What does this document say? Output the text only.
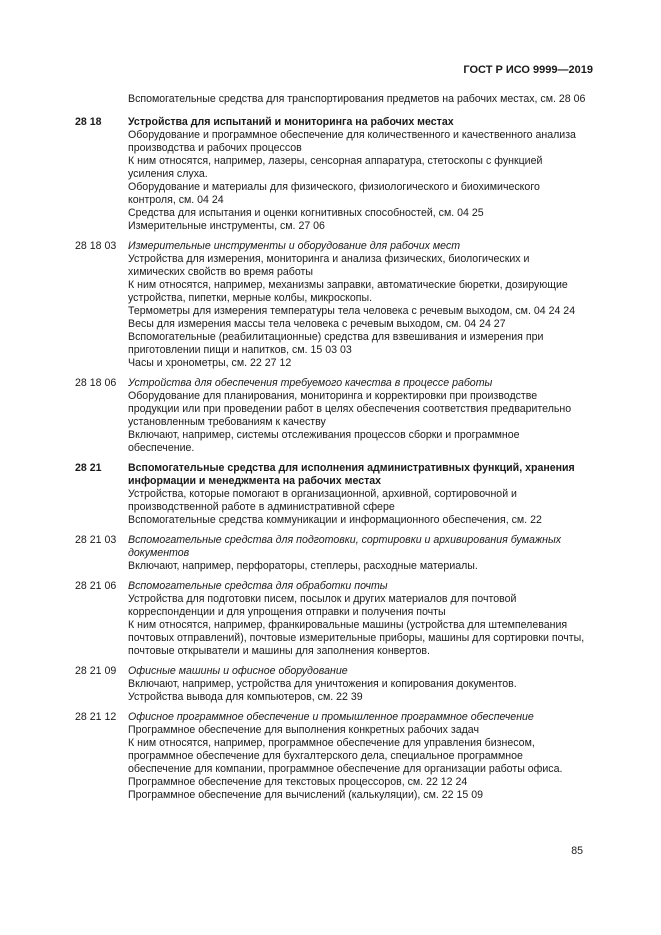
ГОСТ Р ИСО 9999—2019

Вспомогательные средства для транспортирования предметов на рабочих местах, см. 28 06

28 18	Устройства для испытаний и мониторинга на рабочих местах

Оборудование и программное обеспечение для количественного и качественного анализа производства и рабочих процессов

К ним относятся, например, лазеры, сенсорная аппаратура, стетоскопы с функцией усиления слуха.

Оборудование и материалы для физического, физиологического и биохимического контроля, см. 04 24

Средства для испытания и оценки когнитивных способностей, см. 04 25

Измерительные инструменты, см. 27 06

28 18 03	Измерительные инструменты и оборудование для рабочих мест

Устройства для измерения, мониторинга и анализа физических, биологических и химических свойств во время работы

К ним относятся, например, механизмы заправки, автоматические бюретки, дозирующие устройства, пипетки, мерные колбы, микроскопы.

Термометры для измерения температуры тела человека с речевым выходом, см. 04 24 24

Весы для измерения массы тела человека с речевым выходом, см. 04 24 27

Вспомогательные (реабилитационные) средства для взвешивания и измерения при приготовлении пищи и напитков, см. 15 03 03

Часы и хронометры, см. 22 27 12

28 18 06	Устройства для обеспечения требуемого качества в процессе работы

Оборудование для планирования, мониторинга и корректировки при производстве продукции или при проведении работ в целях обеспечения соответствия предварительно установленным требованиям к качеству

Включают, например, системы отслеживания процессов сборки и программное обеспечение.

28 21	Вспомогательные средства для исполнения административных функций, хранения информации и менеджмента на рабочих местах

Устройства, которые помогают в организационной, архивной, сортировочной и производственной работе в административной сфере

Вспомогательные средства коммуникации и информационного обеспечения, см. 22

28 21 03	Вспомогательные средства для подготовки, сортировки и архивирования бумажных документов

Включают, например, перфораторы, степлеры, расходные материалы.

28 21 06	Вспомогательные средства для обработки почты

Устройства для подготовки писем, посылок и других материалов для почтовой корреспонденции и для упрощения отправки и получения почты

К ним относятся, например, франкировальные машины (устройства для штемпелевания почтовых отправлений), почтовые измерительные приборы, машины для сортировки почты, почтовые открыватели и машины для заполнения конвертов.

28 21 09	Офисные машины и офисное оборудование

Включают, например, устройства для уничтожения и копирования документов.

Устройства вывода для компьютеров, см. 22 39

28 21 12	Офисное программное обеспечение и промышленное программное обеспечение

Программное обеспечение для выполнения конкретных рабочих задач

К ним относятся, например, программное обеспечение для управления бизнесом, программное обеспечение для бухгалтерского дела, специальное программное обеспечение для компании, программное обеспечение для организации работы офиса.

Программное обеспечение для текстовых процессоров, см. 22 12 24

Программное обеспечение для вычислений (калькуляции), см. 22 15 09

85
